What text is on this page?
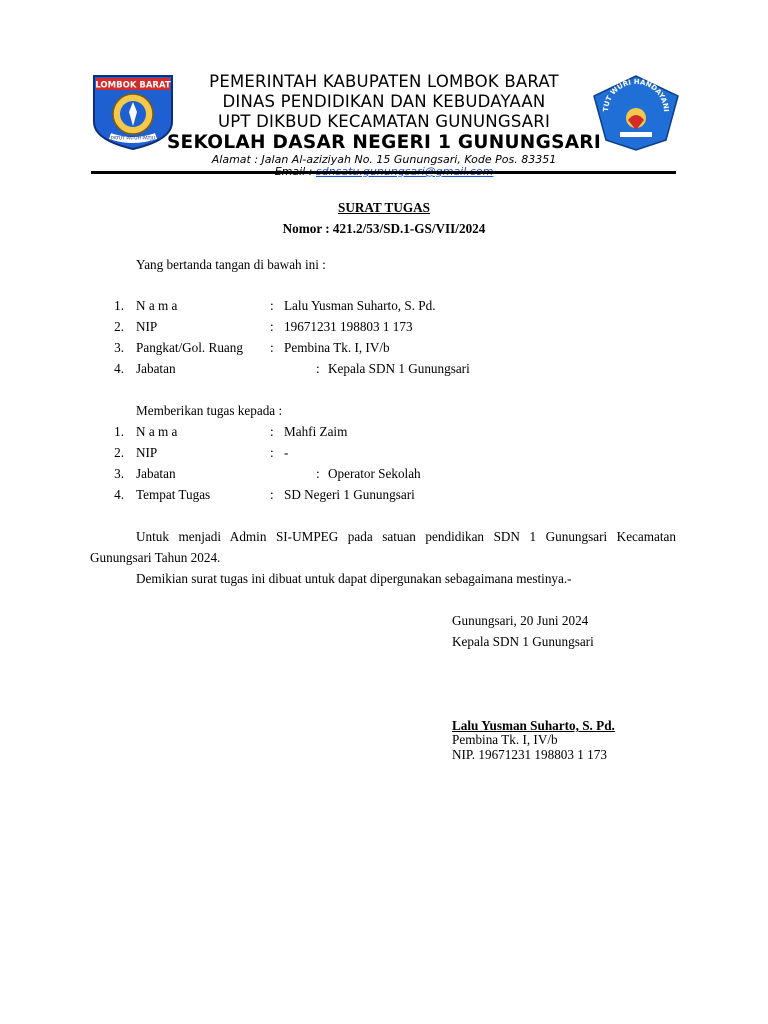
LOMBOK BARAT
PATUT PATUH PATJU
PEMERINTAH KABUPATEN LOMBOK BARAT
DINAS PENDIDIKAN DAN KEBUDAYAAN
UPT DIKBUD KECAMATAN GUNUNGSARI
SEKOLAH DASAR NEGERI 1 GUNUNGSARI
Alamat : Jalan Al-aziziyah No. 15 Gunungsari, Kode Pos. 83351
TUT WURI HANDAYANI
SURAT TUGAS
Nomor : 421.2/53/SD.1-GS/VII/2024
Yang bertanda tangan di bawah ini :
1. N a m a	: Lalu Yusman Suharto, S. Pd.
2. NIP	: 19671231 198803 1 173
3. Pangkat/Gol. Ruang : Pembina Tk. I, IV/b
4. Jabatan	: Kepala SDN 1 Gunungsari
Memberikan tugas kepada :
1. N a m a	: Mahfi Zaim
2. NIP	: -
3. Jabatan	: Operator Sekolah
4. Tempat Tugas	: SD Negeri 1 Gunungsari
Untuk menjadi Admin SI-UMPEG pada satuan pendidikan SDN 1 Gunungsari Kecamatan Gunungsari Tahun 2024.
Demikian surat tugas ini dibuat untuk dapat dipergunakan sebagaimana mestinya.-
Gunungsari, 20 Juni 2024
Kepala SDN 1 Gunungsari
Lalu Yusman Suharto, S. Pd.
Pembina Tk. I, IV/b
NIP. 19671231 198803 1 173
